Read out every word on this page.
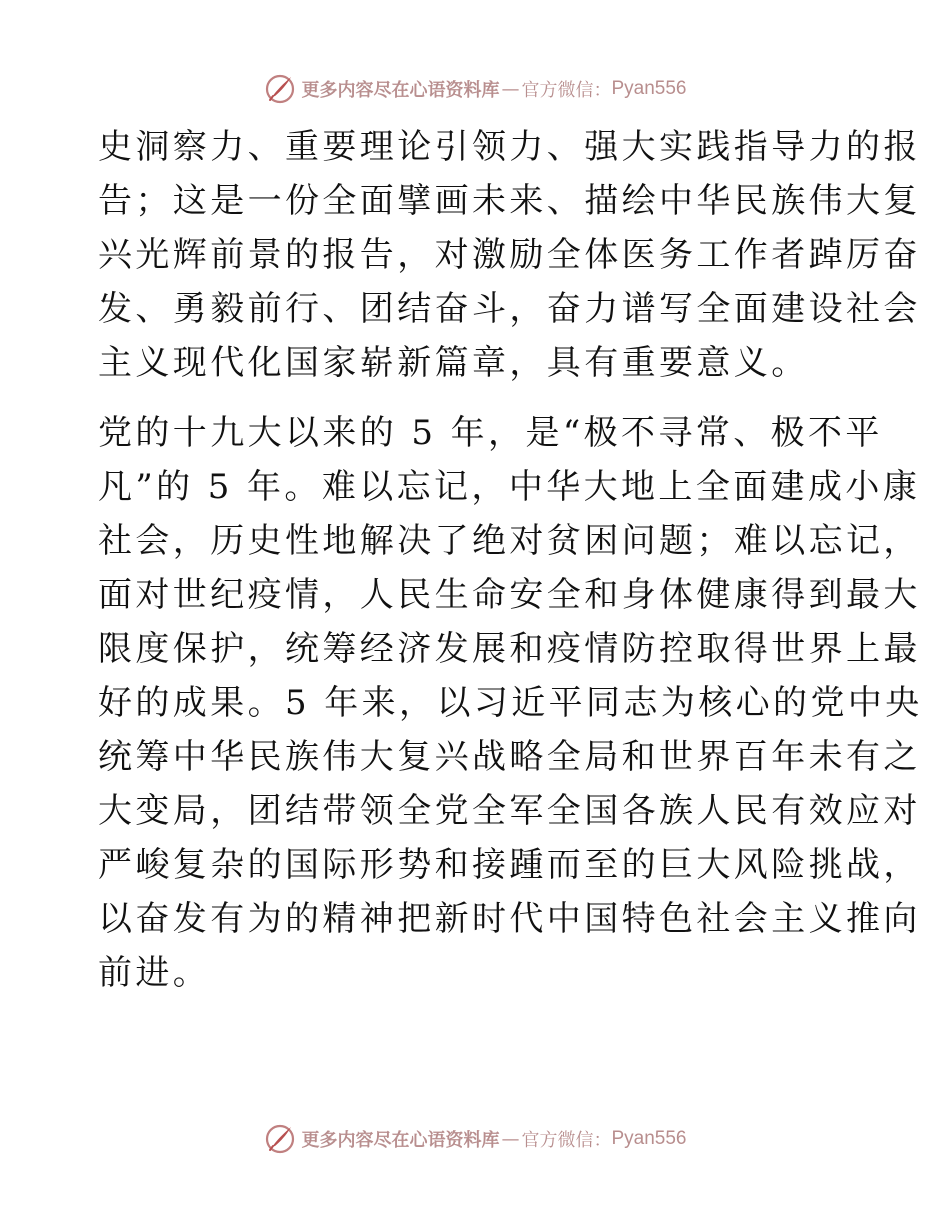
更多内容尽在心语资料库 — 官方微信： Pyan556
史洞察力、重要理论引领力、强大实践指导力的报
告；这是一份全面擘画未来、描绘中华民族伟大复
兴光辉前景的报告，对激励全体医务工作者踔厉奋
发、勇毅前行、团结奋斗，奋力谱写全面建设社会
主义现代化国家崭新篇章，具有重要意义。
党的十九大以来的 5 年，是“极不寻常、极不平
凡”的 5 年。难以忘记，中华大地上全面建成小康
社会，历史性地解决了绝对贫困问题；难以忘记，
面对世纪疫情，人民生命安全和身体健康得到最大
限度保护，统筹经济发展和疫情防控取得世界上最
好的成果。5 年来，以习近平同志为核心的党中央
统筹中华民族伟大复兴战略全局和世界百年未有之
大变局，团结带领全党全军全国各族人民有效应对
严峻复杂的国际形势和接踵而至的巨大风险挑战，
以奋发有为的精神把新时代中国特色社会主义推向
前进。
更多内容尽在心语资料库 — 官方微信： Pyan556
